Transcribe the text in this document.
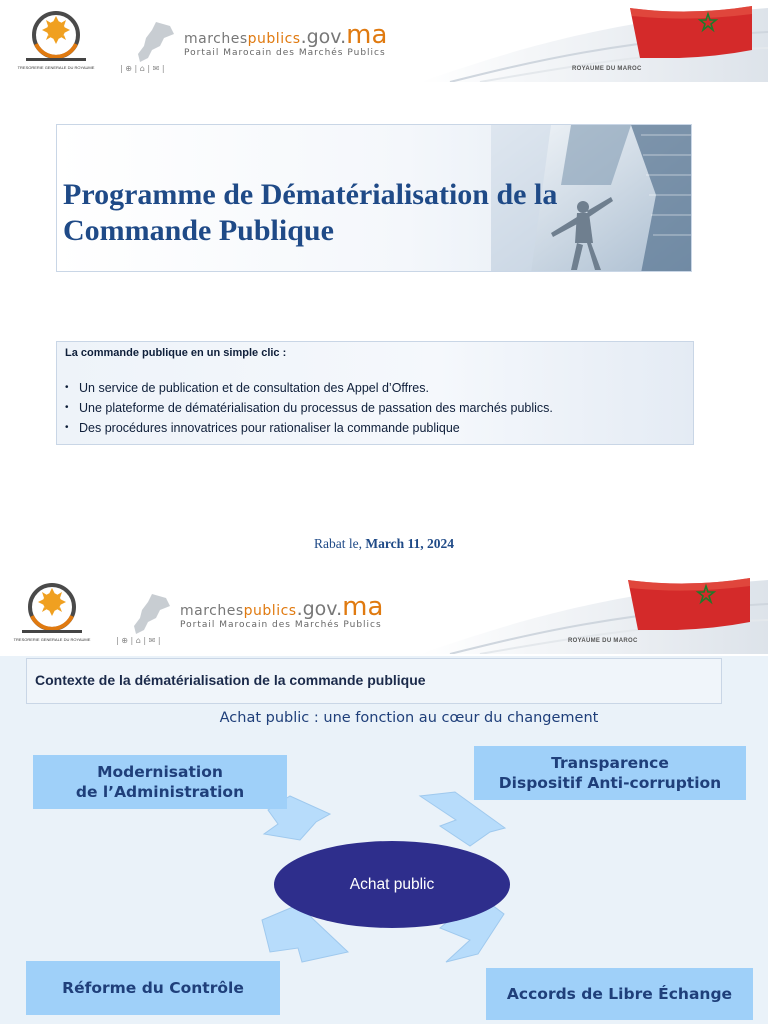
TRESORERIE GENERALE DU ROYAUME
marchespublics.gov.ma
Portail Marocain des Marchés Publics
| ⊕ | ⌂ | ✉ |	ROYAUME DU MAROC
Programme de Dématérialisation de la Commande Publique
La commande publique en un simple clic :
• Un service de publication et de consultation des Appel d’Offres.
• Une plateforme de dématérialisation du processus de passation des marchés publics.
• Des procédures innovatrices pour rationaliser la commande publique
Rabat le, March 11, 2024
TRESORERIE GENERALE DU ROYAUME
marchespublics.gov.ma
Portail Marocain des Marchés Publics
| ⊕ | ⌂ | ✉ |	ROYAUME DU MAROC
Contexte de la dématérialisation de la commande publique
Achat public : une fonction au cœur du changement
Modernisation
de l’Administration
Transparence
Dispositif Anti-corruption
Réforme du Contrôle	Accords de Libre Échange
Achat public
